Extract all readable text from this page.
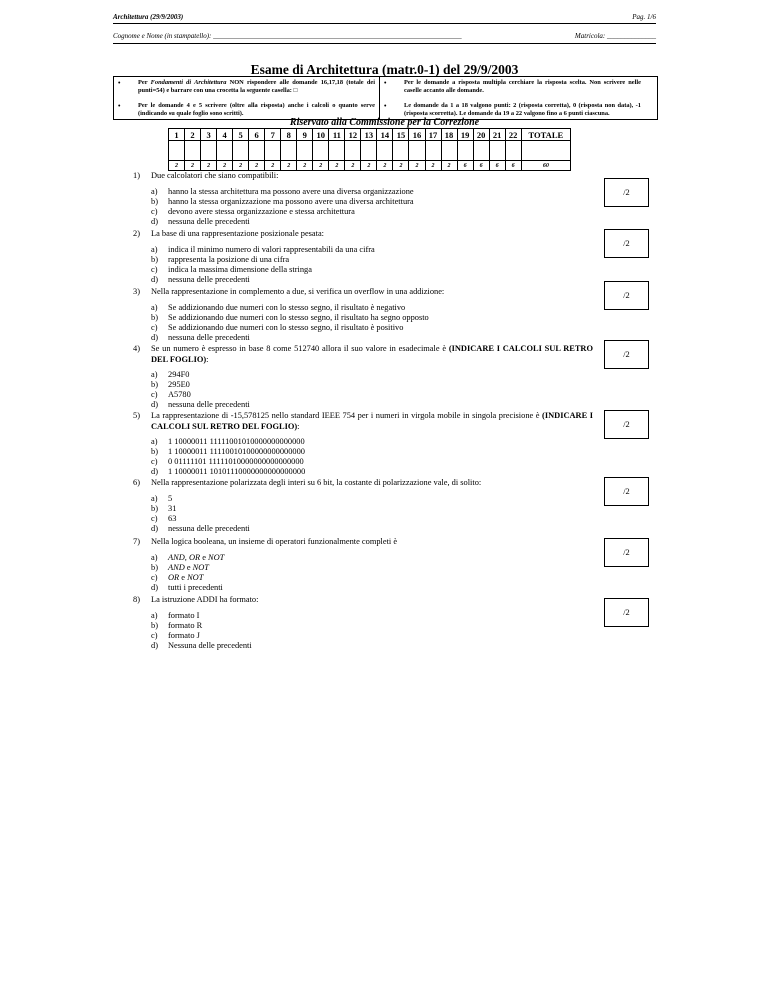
Architettura (29/9/2003)	Pag. 1/6
Cognome e Nome (in stampatello): _______________________________________________________________________	Matricola: ______________
Esame di Architettura (matr.0-1) del 29/9/2003
•	Per Fondamenti di Architettura NON rispondere alle domande 16,17,18 (totale dei punti=54) e barrare con una crocetta la seguente casella: □
•	Per le domande 4 e 5 scrivere (oltre alla risposta) anche i calcoli o quanto serve (indicando su quale foglio sono scritti).
•	Per le domande a risposta multipla cerchiare la risposta scelta. Non scrivere nelle caselle accanto alle domande.
•	Le domande da 1 a 18 valgono punti: 2 (risposta corretta), 0 (risposta non data), -1 (risposta scorretta). Le domande da 19 a 22 valgono fino a 6 punti ciascuna.
Riservato alla Commissione per la Correzione
1	2	3	4	5	6	7	8	9	10	11	12	13	14	15	16	17	18	19	20	21	22	TOTALE

2	2	2	2	2	2	2	2	2	2	2	2	2	2	2	2	2	2	6	6	6	6	60
1) Due calcolatori che siano compatibili:
a) hanno la stessa architettura ma possono avere una diversa organizzazione
b) hanno la stessa organizzazione ma possono avere una diversa architettura
c) devono avere stessa organizzazione e stessa architettura
d) nessuna delle precedenti
/2
2) La base di una rappresentazione posizionale pesata:
a) indica il minimo numero di valori rappresentabili da una cifra
b) rappresenta la posizione di una cifra
c) indica la massima dimensione della stringa
d) nessuna delle precedenti
/2
3) Nella rappresentazione in complemento a due, si verifica un overflow in una addizione:
a) Se addizionando due numeri con lo stesso segno, il risultato è negativo
b) Se addizionando due numeri con lo stesso segno, il risultato ha segno opposto
c) Se addizionando due numeri con lo stesso segno, il risultato è positivo
d) nessuna delle precedenti
/2
4) Se un numero è espresso in base 8 come 512740 allora il suo valore in esadecimale è (INDICARE I CALCOLI SUL RETRO DEL FOGLIO):
a) 294F0
b) 295E0
c) A5780
d) nessuna delle precedenti
/2
5) La rappresentazione di -15,578125 nello standard IEEE 754 per i numeri in virgola mobile in singola precisione è (INDICARE I CALCOLI SUL RETRO DEL FOGLIO):
a) 1 10000011 11111001010000000000000
b) 1 10000011 11110010100000000000000
c) 0 01111101 11111010000000000000000
d) 1 10000011 10101110000000000000000
/2
6) Nella rappresentazione polarizzata degli interi su 6 bit, la costante di polarizzazione vale, di solito:
a) 5
b) 31
c) 63
d) nessuna delle precedenti
/2
7) Nella logica booleana, un insieme di operatori funzionalmente completi è
a) AND, OR e NOT
b) AND e NOT
c) OR e NOT
d) tutti i precedenti
/2
8) La istruzione ADDI ha formato:
a) formato I
b) formato R
c) formato J
d) Nessuna delle precedenti
/2
